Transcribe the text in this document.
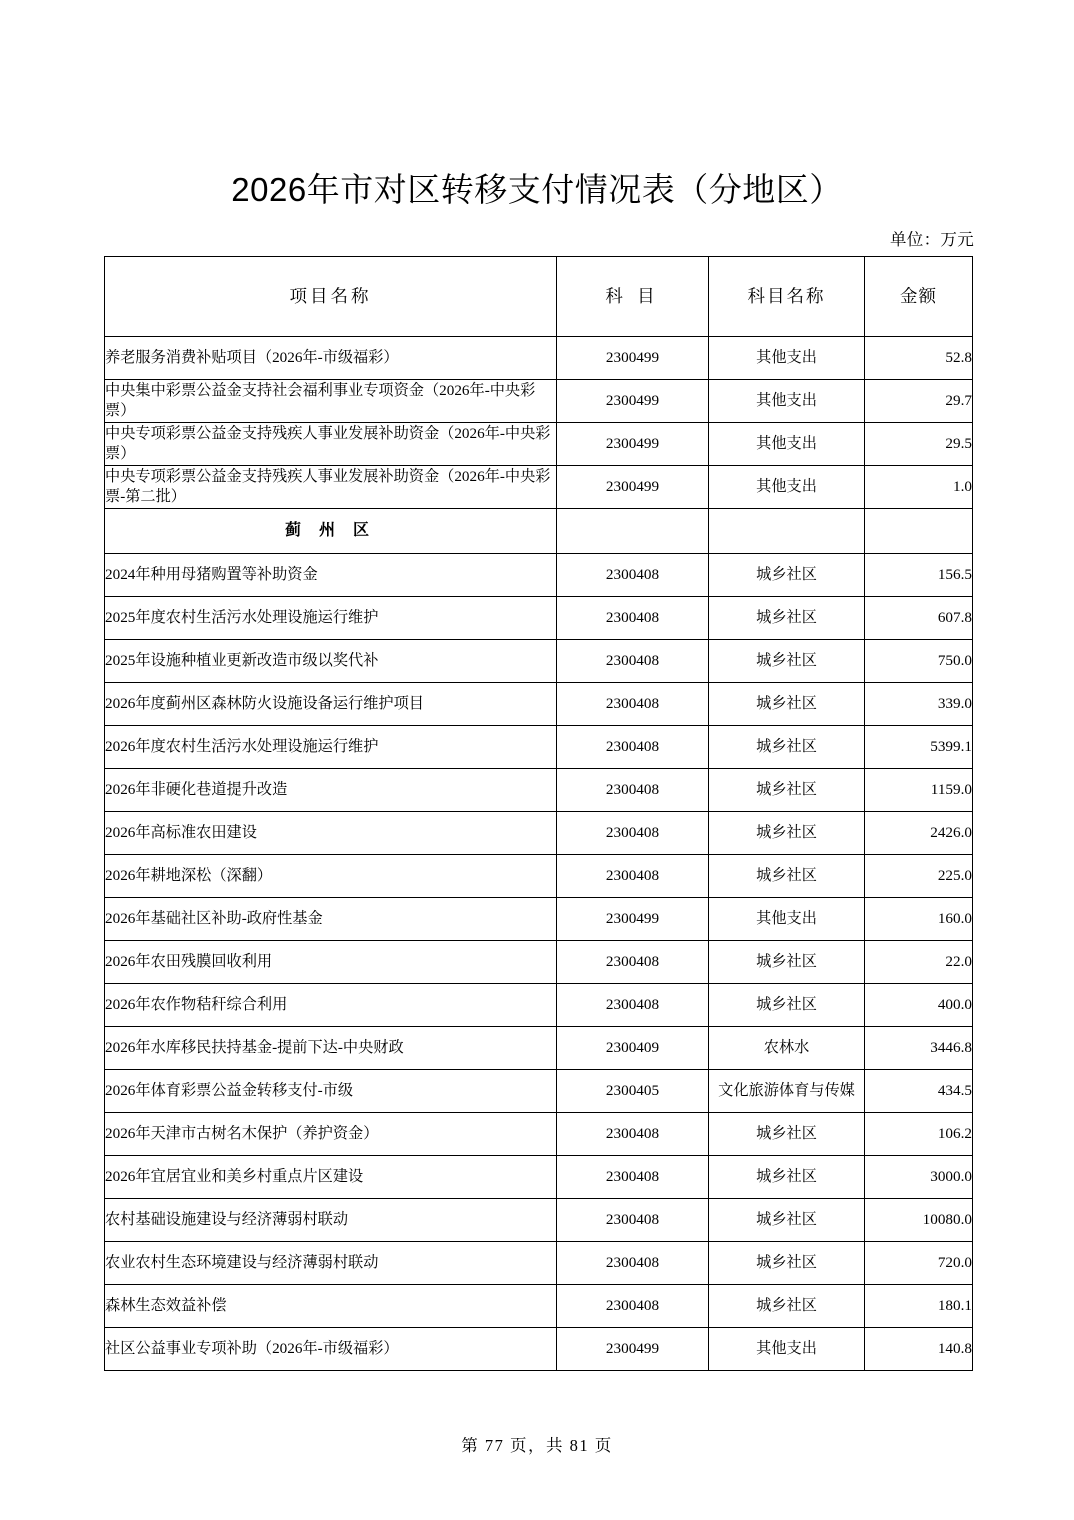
2026年市对区转移支付情况表（分地区）
单位：万元
项目名称	科 目	科目名称	金额
养老服务消费补贴项目（2026年-市级福彩）	2300499	其他支出	52.8
中央集中彩票公益金支持社会福利事业专项资金（2026年-中央彩票）	2300499	其他支出	29.7
中央专项彩票公益金支持残疾人事业发展补助资金（2026年-中央彩票）	2300499	其他支出	29.5
中央专项彩票公益金支持残疾人事业发展补助资金（2026年-中央彩票-第二批）	2300499	其他支出	1.0
蓟 州 区			
2024年种用母猪购置等补助资金	2300408	城乡社区	156.5
2025年度农村生活污水处理设施运行维护	2300408	城乡社区	607.8
2025年设施种植业更新改造市级以奖代补	2300408	城乡社区	750.0
2026年度蓟州区森林防火设施设备运行维护项目	2300408	城乡社区	339.0
2026年度农村生活污水处理设施运行维护	2300408	城乡社区	5399.1
2026年非硬化巷道提升改造	2300408	城乡社区	1159.0
2026年高标准农田建设	2300408	城乡社区	2426.0
2026年耕地深松（深翻）	2300408	城乡社区	225.0
2026年基础社区补助-政府性基金	2300499	其他支出	160.0
2026年农田残膜回收利用	2300408	城乡社区	22.0
2026年农作物秸秆综合利用	2300408	城乡社区	400.0
2026年水库移民扶持基金-提前下达-中央财政	2300409	农林水	3446.8
2026年体育彩票公益金转移支付-市级	2300405	文化旅游体育与传媒	434.5
2026年天津市古树名木保护（养护资金）	2300408	城乡社区	106.2
2026年宜居宜业和美乡村重点片区建设	2300408	城乡社区	3000.0
农村基础设施建设与经济薄弱村联动	2300408	城乡社区	10080.0
农业农村生态环境建设与经济薄弱村联动	2300408	城乡社区	720.0
森林生态效益补偿	2300408	城乡社区	180.1
社区公益事业专项补助（2026年-市级福彩）	2300499	其他支出	140.8
第 77 页，共 81 页
